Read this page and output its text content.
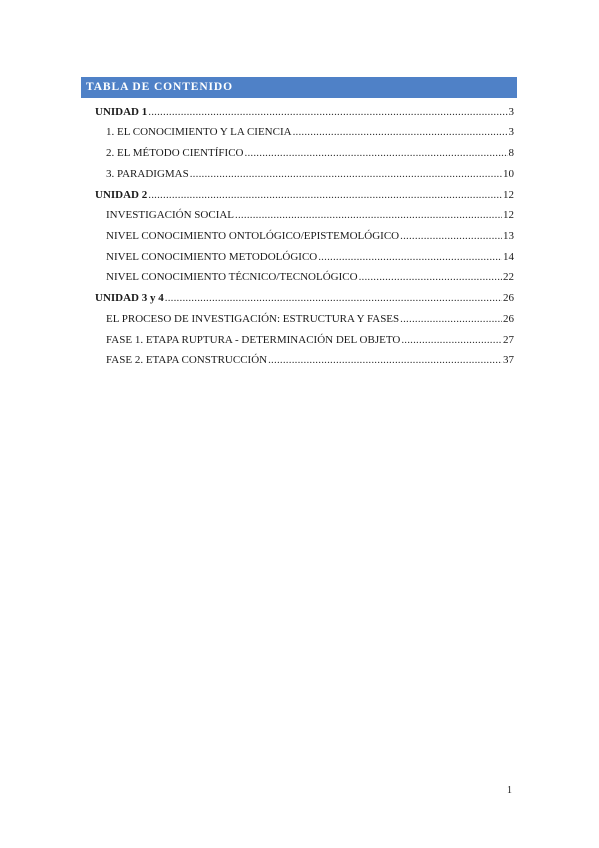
TABLA DE CONTENIDO
UNIDAD 1 .....	3
1. EL CONOCIMIENTO Y LA CIENCIA .....	3
2. EL MÉTODO CIENTÍFICO .....	8
3. PARADIGMAS .....	10
UNIDAD 2 .....	12
INVESTIGACIÓN SOCIAL .....	12
NIVEL CONOCIMIENTO ONTOLÓGICO/EPISTEMOLÓGICO .....	13
NIVEL CONOCIMIENTO METODOLÓGICO .....	14
NIVEL CONOCIMIENTO TÉCNICO/TECNOLÓGICO .....	22
UNIDAD 3 y 4 .....	26
EL PROCESO DE INVESTIGACIÓN: ESTRUCTURA Y FASES .....	26
FASE 1. ETAPA RUPTURA - DETERMINACIÓN DEL OBJETO .....	27
FASE 2. ETAPA CONSTRUCCIÓN .....	37
1
